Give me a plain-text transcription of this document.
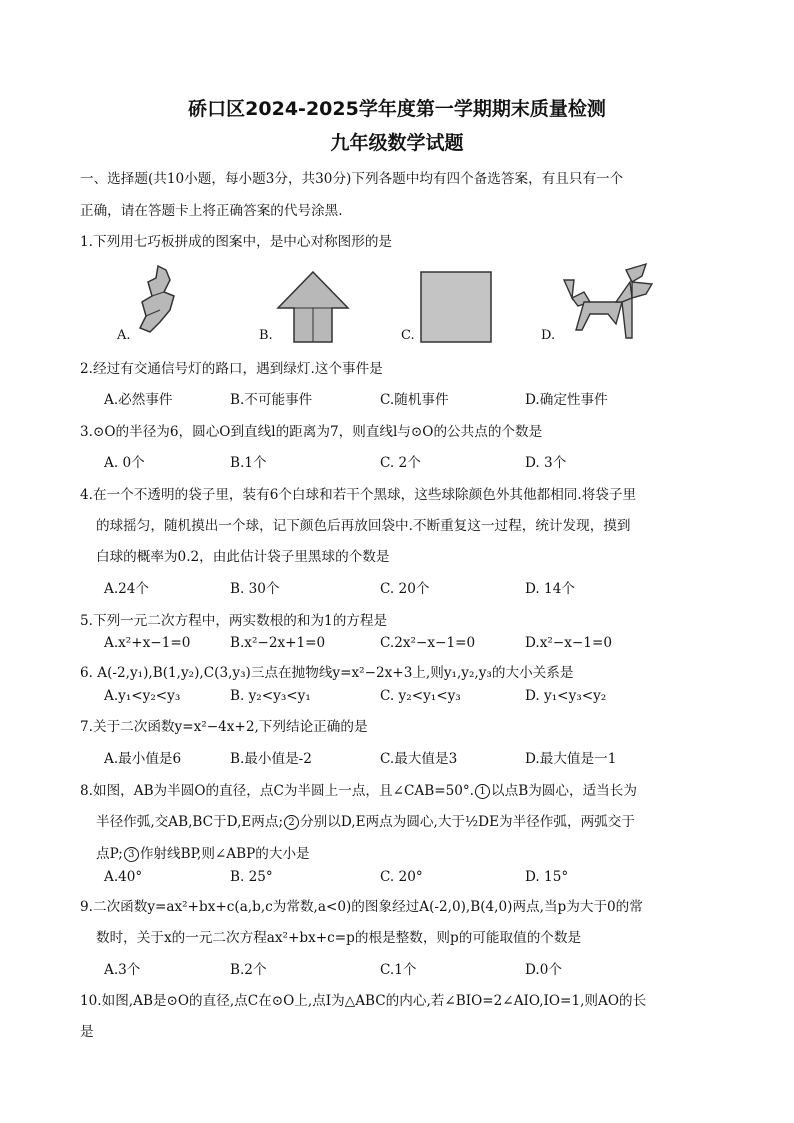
硚口区2024-2025学年度第一学期期末质量检测
九年级数学试题
一、选择题(共10小题，每小题3分，共30分)下列各题中均有四个备选答案，有且只有一个
正确，请在答题卡上将正确答案的代号涂黑.
1.下列用七巧板拼成的图案中，是中心对称图形的是
A.	B.	C.	D.
2.经过有交通信号灯的路口，遇到绿灯.这个事件是
A.必然事件	B.不可能事件	C.随机事件	D.确定性事件
3.⊙O的半径为6，圆心O到直线l的距离为7，则直线l与⊙O的公共点的个数是
A. 0个	B.1个	C. 2个	D. 3个
4.在一个不透明的袋子里，装有6个白球和若干个黑球，这些球除颜色外其他都相同.将袋子里
的球摇匀，随机摸出一个球，记下颜色后再放回袋中.不断重复这一过程，统计发现，摸到
白球的概率为0.2，由此估计袋子里黑球的个数是
A.24个	B. 30个	C. 20个	D. 14个
5.下列一元二次方程中，两实数根的和为1的方程是
A.x²+x−1=0	B.x²−2x+1=0	C.2x²−x−1=0	D.x²−x−1=0
6. A(-2,y₁),B(1,y₂),C(3,y₃)三点在抛物线y=x²−2x+3上,则y₁,y₂,y₃的大小关系是
A.y₁<y₂<y₃	B. y₂<y₃<y₁	C. y₂<y₁<y₃	D. y₁<y₃<y₂
7.关于二次函数y=x²−4x+2,下列结论正确的是
A.最小值是6	B.最小值是-2	C.最大值是3	D.最大值是一1
8.如图，AB为半圆O的直径，点C为半圆上一点，且∠CAB=50°. 1 以点B为圆心，适当长为
半径作弧,交AB,BC于D,E两点; 2 分别以D,E两点为圆心,大于½DE为半径作弧，两弧交于
点P; 3 作射线BP,则∠ABP的大小是
A.40°	B. 25°	C. 20°	D. 15°
9.二次函数y=ax²+bx+c(a,b,c为常数,a<0)的图象经过A(-2,0),B(4,0)两点,当p为大于0的常
数时，关于x的一元二次方程ax²+bx+c=p的根是整数，则p的可能取值的个数是
A.3个	B.2个	C.1个	D.0个
10.如图,AB是⊙O的直径,点C在⊙O上,点I为△ABC的内心,若∠BIO=2∠AIO,IO=1,则AO的长
是
